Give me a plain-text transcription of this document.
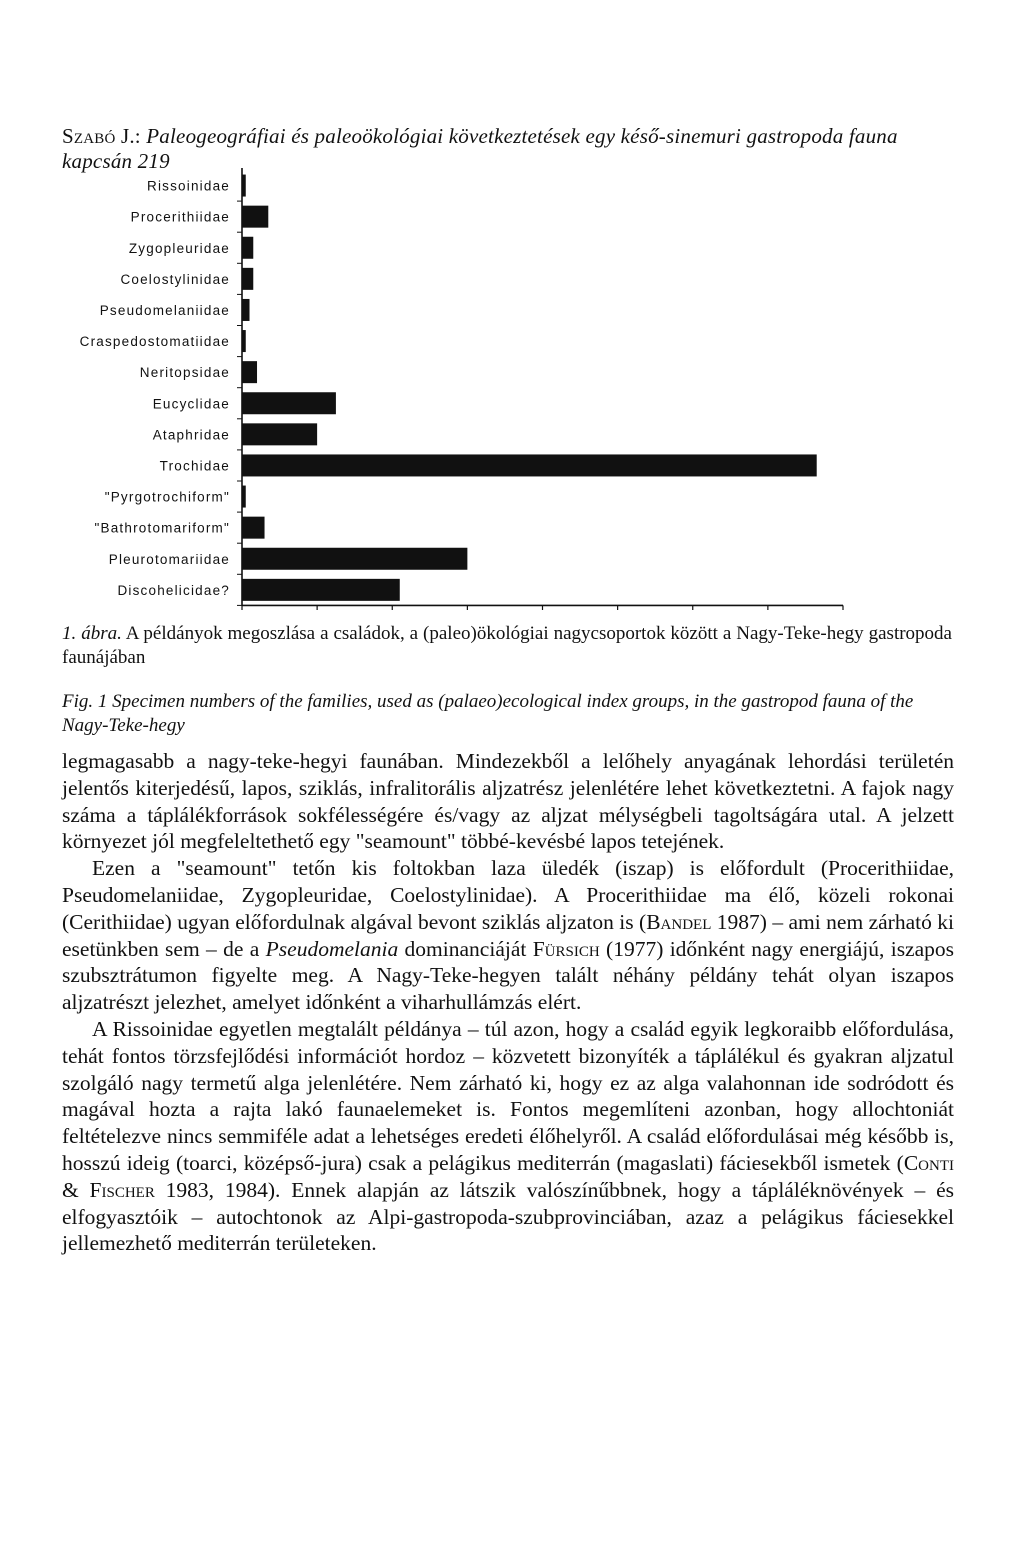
Szabó J.: Paleogeográfiai és paleoökológiai következtetések egy késő-sinemuri gastropoda fauna kapcsán 219
Rissoinidae
Procerithiidae
Zygopleuridae
Coelostylinidae
Pseudomelaniidae
Craspedostomatiidae
Neritopsidae
Eucyclidae
Ataphridae
Trochidae
"Pyrgotrochiform"
"Bathrotomariform"
Pleurotomariidae
Discohelicidae?
1. ábra. A példányok megoszlása a családok, a (paleo)ökológiai nagycsoportok között a Nagy-Teke-hegy gastropoda faunájában
Fig. 1 Specimen numbers of the families, used as (palaeo)ecological index groups, in the gastropod fauna of the Nagy-Teke-hegy

legmagasabb a nagy-teke-hegyi faunában. Mindezekből a lelőhely anyagának lehordási területén jelentős kiterjedésű, lapos, sziklás, infralitorális aljzatrész jelenlétére lehet következtetni. A fajok nagy száma a táplálékforrások sokfélességére és/vagy az aljzat mélységbeli tagoltságára utal. A jelzett környezet jól megfeleltethető egy "seamount" többé-kevésbé lapos tetejének.

Ezen a "seamount" tetőn kis foltokban laza üledék (iszap) is előfordult (Procerithiidae, Pseudomelaniidae, Zygopleuridae, Coelostylinidae). A Procerithiidae ma élő, közeli rokonai (Cerithiidae) ugyan előfordulnak algával bevont sziklás aljzaton is (Bandel 1987) – ami nem zárható ki esetünkben sem – de a Pseudomelania dominanciáját Fürsich (1977) időnként nagy energiájú, iszapos szubsztrátumon figyelte meg. A Nagy-Teke-hegyen talált néhány példány tehát olyan iszapos aljzatrészt jelezhet, amelyet időnként a viharhullámzás elért.

A Rissoinidae egyetlen megtalált példánya – túl azon, hogy a család egyik legkoraibb előfordulása, tehát fontos törzsfejlődési információt hordoz – közvetett bizonyíték a táplálékul és gyakran aljzatul szolgáló nagy termetű alga jelenlétére. Nem zárható ki, hogy ez az alga valahonnan ide sodródott és magával hozta a rajta lakó faunaelemeket is. Fontos megemlíteni azonban, hogy allochtoniát feltételezve nincs semmiféle adat a lehetséges eredeti élőhelyről. A család előfordulásai még később is, hosszú ideig (toarci, középső-jura) csak a pelágikus mediterrán (magaslati) fáciesekből ismetek (Conti & Fischer 1983, 1984). Ennek alapján az látszik valószínűbbnek, hogy a tápláléknövények – és elfogyasztóik – autochtonok az Alpi-gastropoda-szubprovinciában, azaz a pelágikus fáciesekkel jellemezhető mediterrán területeken.
